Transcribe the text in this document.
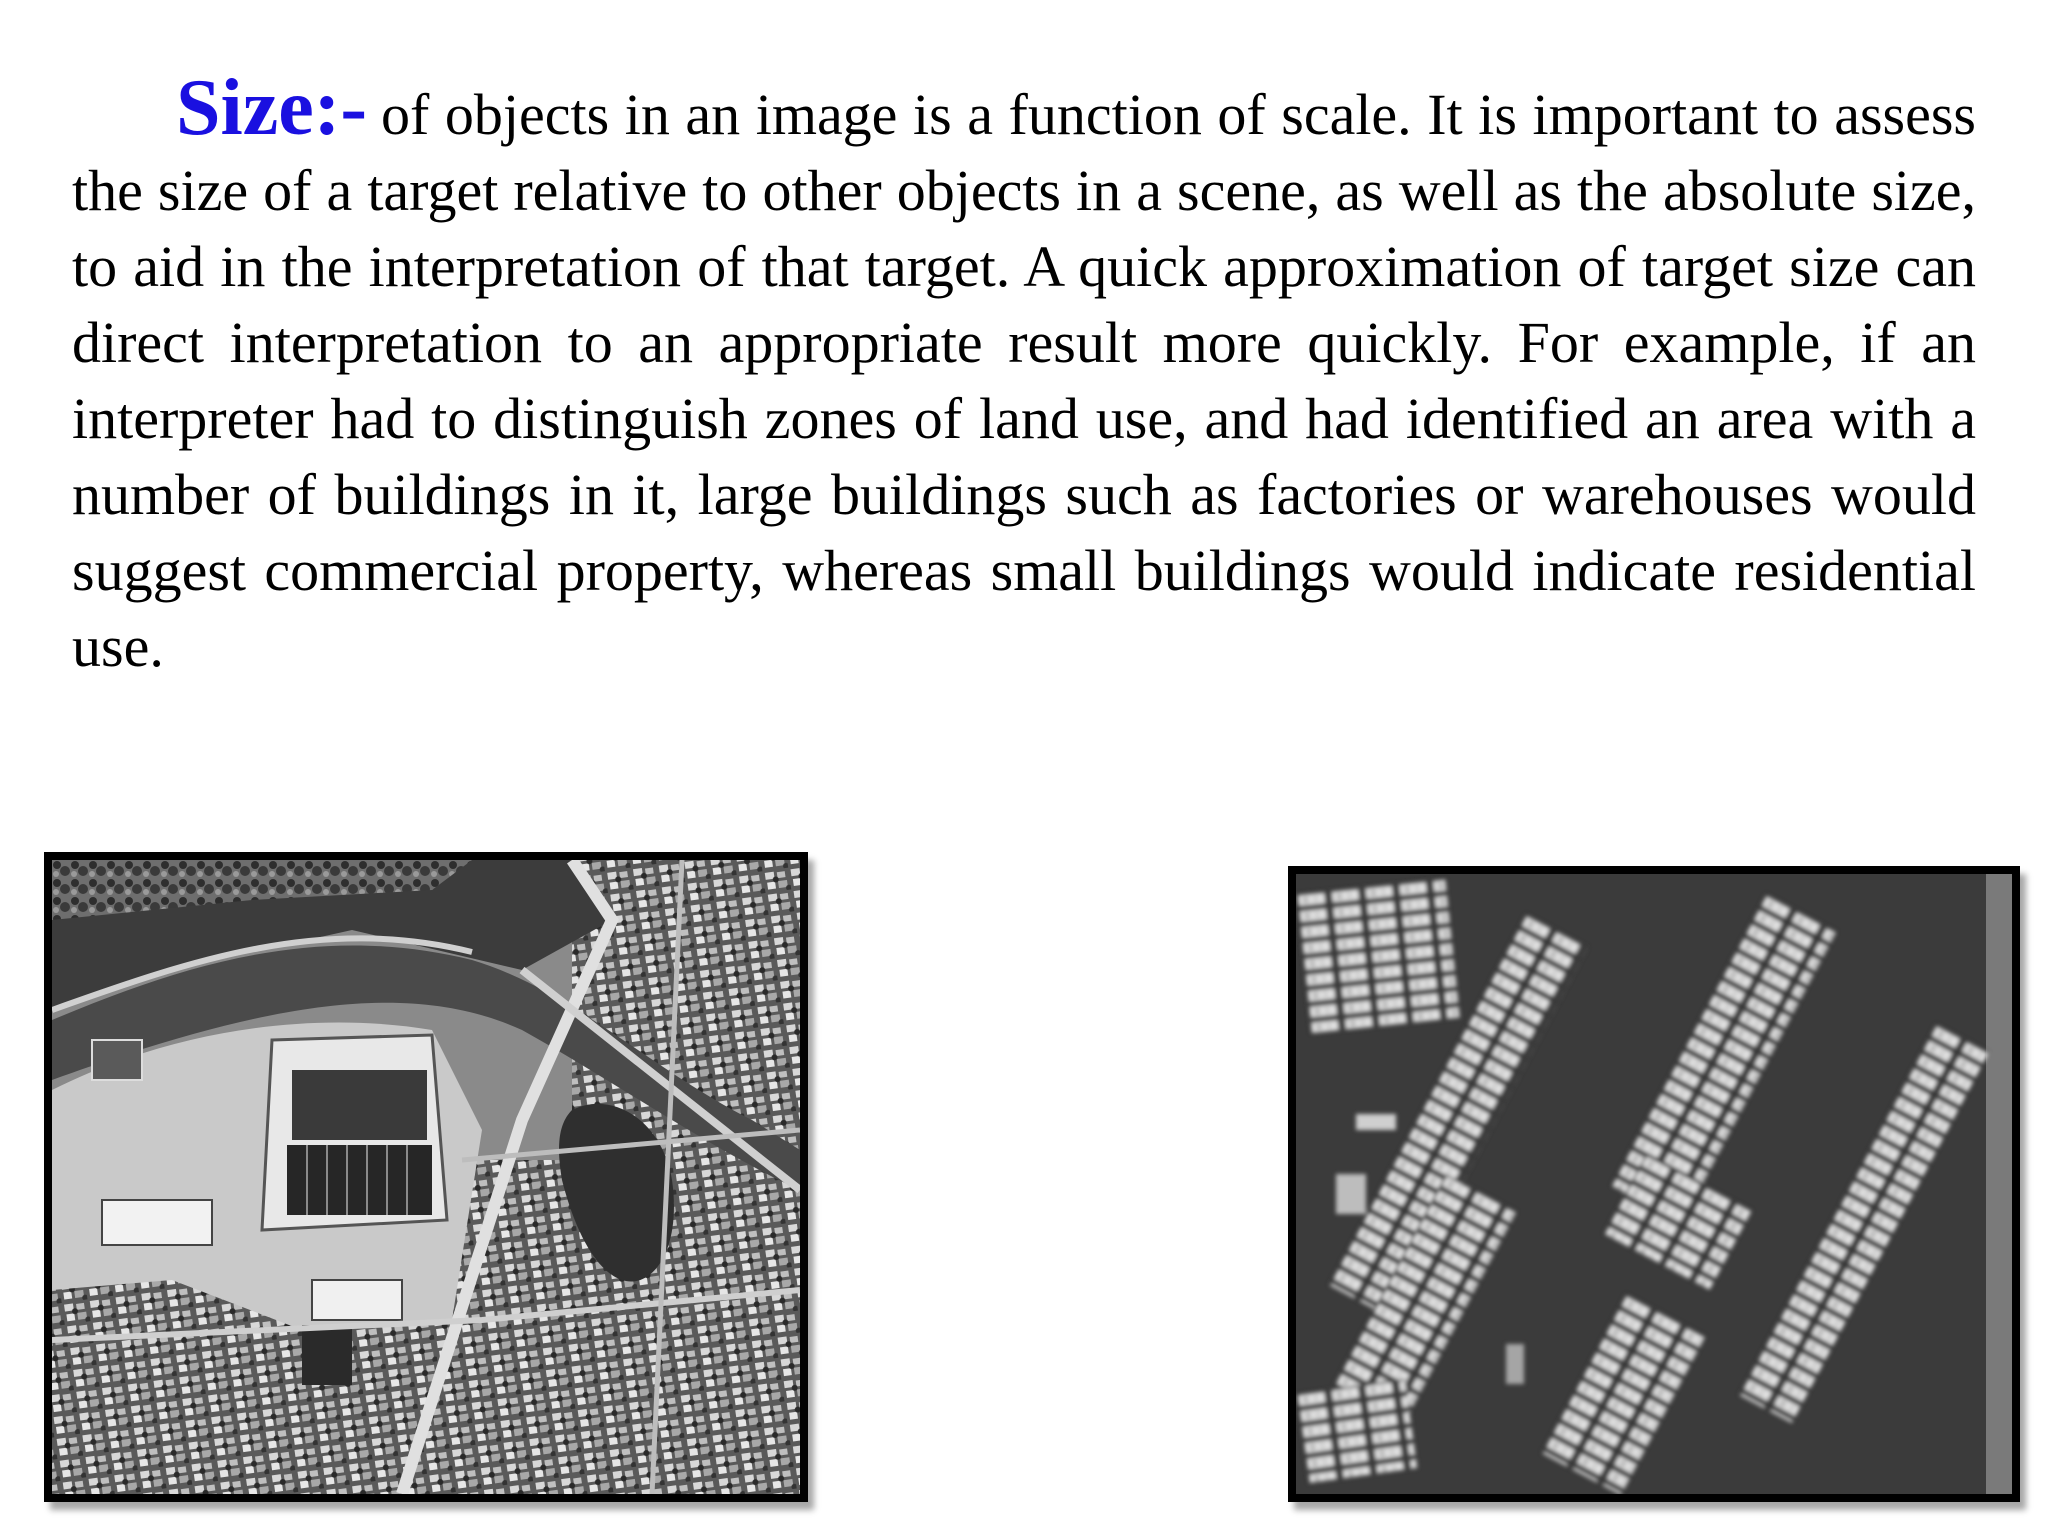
Size:- of objects in an image is a function of scale. It is important to assess the size of a target relative to other objects in a scene, as well as the absolute size, to aid in the interpretation of that target. A quick approximation of target size can direct interpretation to an appropriate result more quickly. For example, if an interpreter had to distinguish zones of land use, and had identified an area with a number of buildings in it, large buildings such as factories or warehouses would suggest commercial property, whereas small buildings would indicate residential use.
